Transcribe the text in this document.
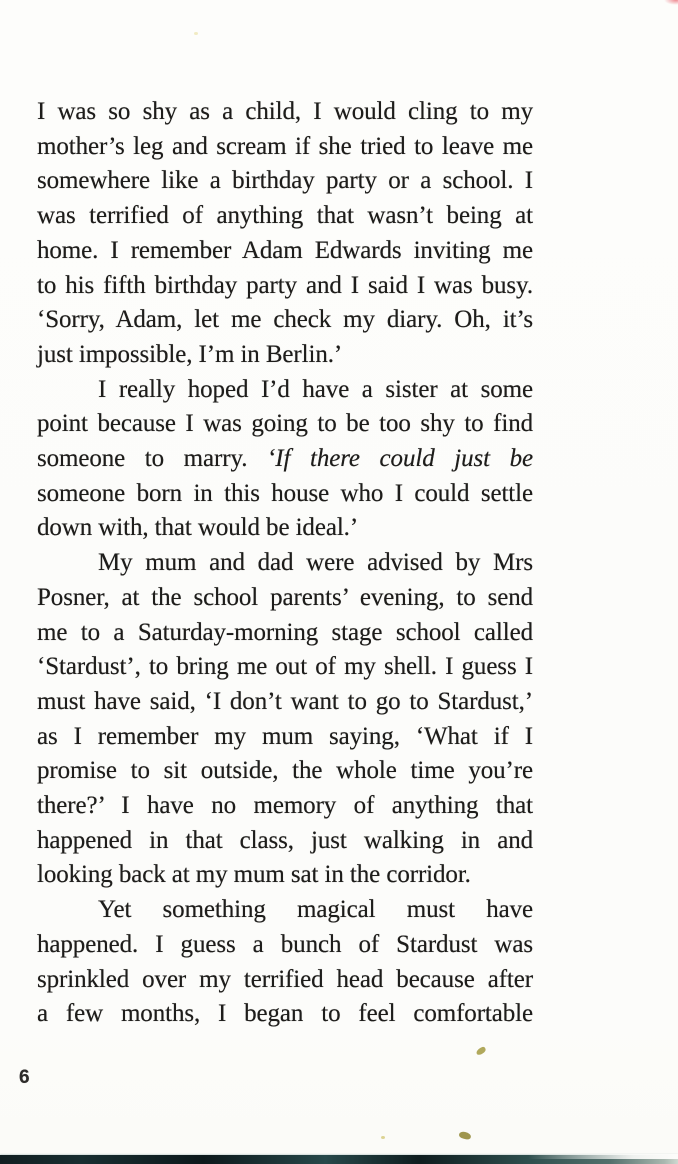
I was so shy as a child, I would cling to my
mother’s leg and scream if she tried to leave me
somewhere like a birthday party or a school. I
was terrified of anything that wasn’t being at
home. I remember Adam Edwards inviting me
to his fifth birthday party and I said I was busy.
‘Sorry, Adam, let me check my diary. Oh, it’s
just impossible, I’m in Berlin.’
I really hoped I’d have a sister at some
point because I was going to be too shy to find
someone to marry. ‘If there could just be
someone born in this house who I could settle
down with, that would be ideal.’
My mum and dad were advised by Mrs
Posner, at the school parents’ evening, to send
me to a Saturday-morning stage school called
‘Stardust’, to bring me out of my shell. I guess I
must have said, ‘I don’t want to go to Stardust,’
as I remember my mum saying, ‘What if I
promise to sit outside, the whole time you’re
there?’ I have no memory of anything that
happened in that class, just walking in and
looking back at my mum sat in the corridor.
Yet something magical must have
happened. I guess a bunch of Stardust was
sprinkled over my terrified head because after
a few months, I began to feel comfortable
6
